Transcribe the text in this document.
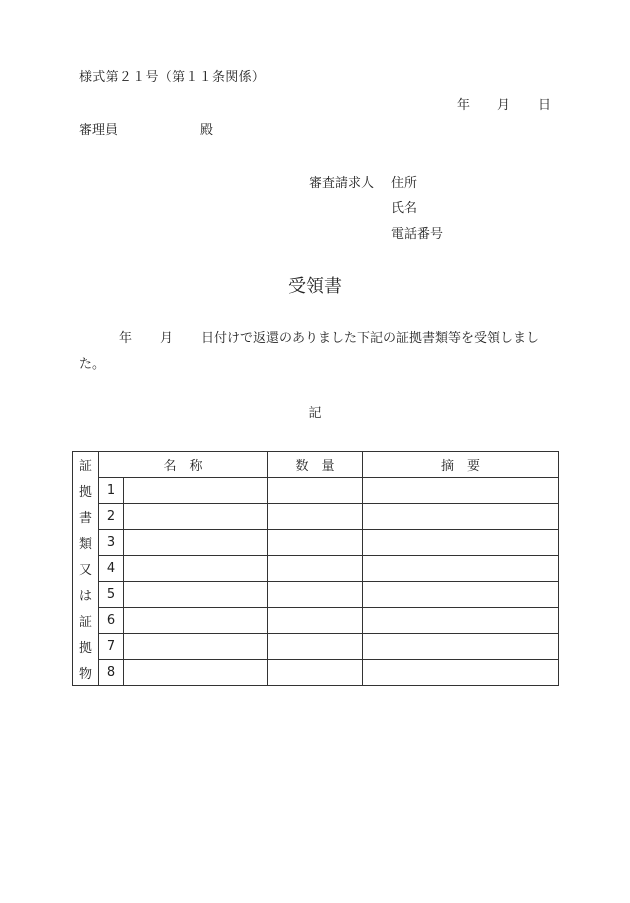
様式第２１号（第１１条関係）
年 月 日
審理員	殿
審査請求人 住所
氏名
電話番号
受領書
年 月 日付けで返還のありました下記の証拠書類等を受領しました。
記
証	名　称		数　量	摘　要
拠	1			
書	2			
類	3			
又	4			
は	5			
証	6			
拠	7			
物	8			
